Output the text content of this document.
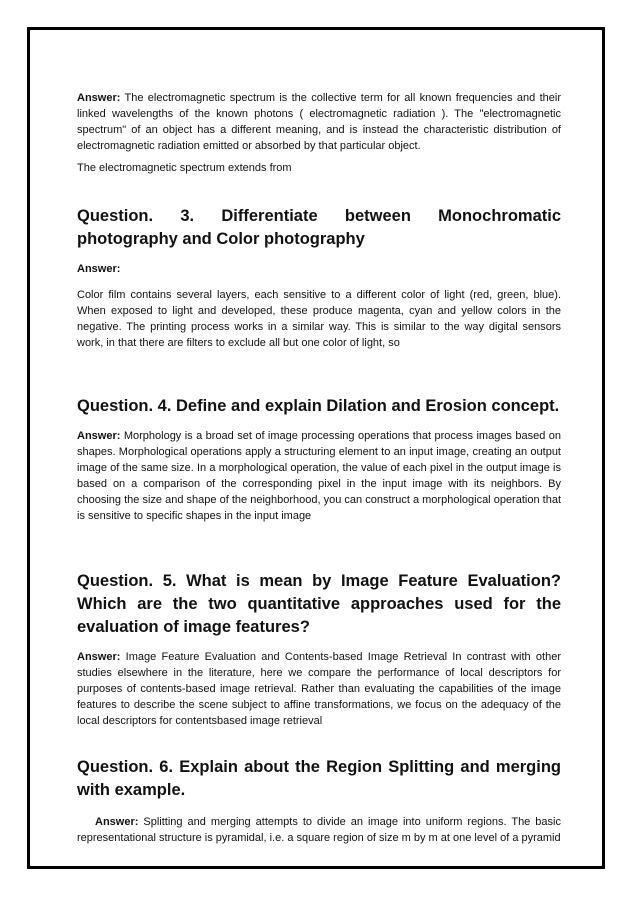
Answer: The electromagnetic spectrum is the collective term for all known frequencies and their linked wavelengths of the known photons ( electromagnetic radiation ). The "electromagnetic spectrum" of an object has a different meaning, and is instead the characteristic distribution of electromagnetic radiation emitted or absorbed by that particular object.

The electromagnetic spectrum extends from

Question. 3. Differentiate between Monochromatic photography and Color photography

Answer:

Color film contains several layers, each sensitive to a different color of light (red, green, blue). When exposed to light and developed, these produce magenta, cyan and yellow colors in the negative. The printing process works in a similar way. This is similar to the way digital sensors work, in that there are filters to exclude all but one color of light, so

Question. 4. Define and explain Dilation and Erosion concept.

Answer: Morphology is a broad set of image processing operations that process images based on shapes. Morphological operations apply a structuring element to an input image, creating an output image of the same size. In a morphological operation, the value of each pixel in the output image is based on a comparison of the corresponding pixel in the input image with its neighbors. By choosing the size and shape of the neighborhood, you can construct a morphological operation that is sensitive to specific shapes in the input image

Question. 5. What is mean by Image Feature Evaluation? Which are the two quantitative approaches used for the evaluation of image features?

Answer: Image Feature Evaluation and Contents-based Image Retrieval In contrast with other studies elsewhere in the literature, here we compare the performance of local descriptors for purposes of contents-based image retrieval. Rather than evaluating the capabilities of the image features to describe the scene subject to affine transformations, we focus on the adequacy of the local descriptors for contentsbased image retrieval

Question. 6. Explain about the Region Splitting and merging with example.

Answer: Splitting and merging attempts to divide an image into uniform regions. The basic representational structure is pyramidal, i.e. a square region of size m by m at one level of a pyramid
